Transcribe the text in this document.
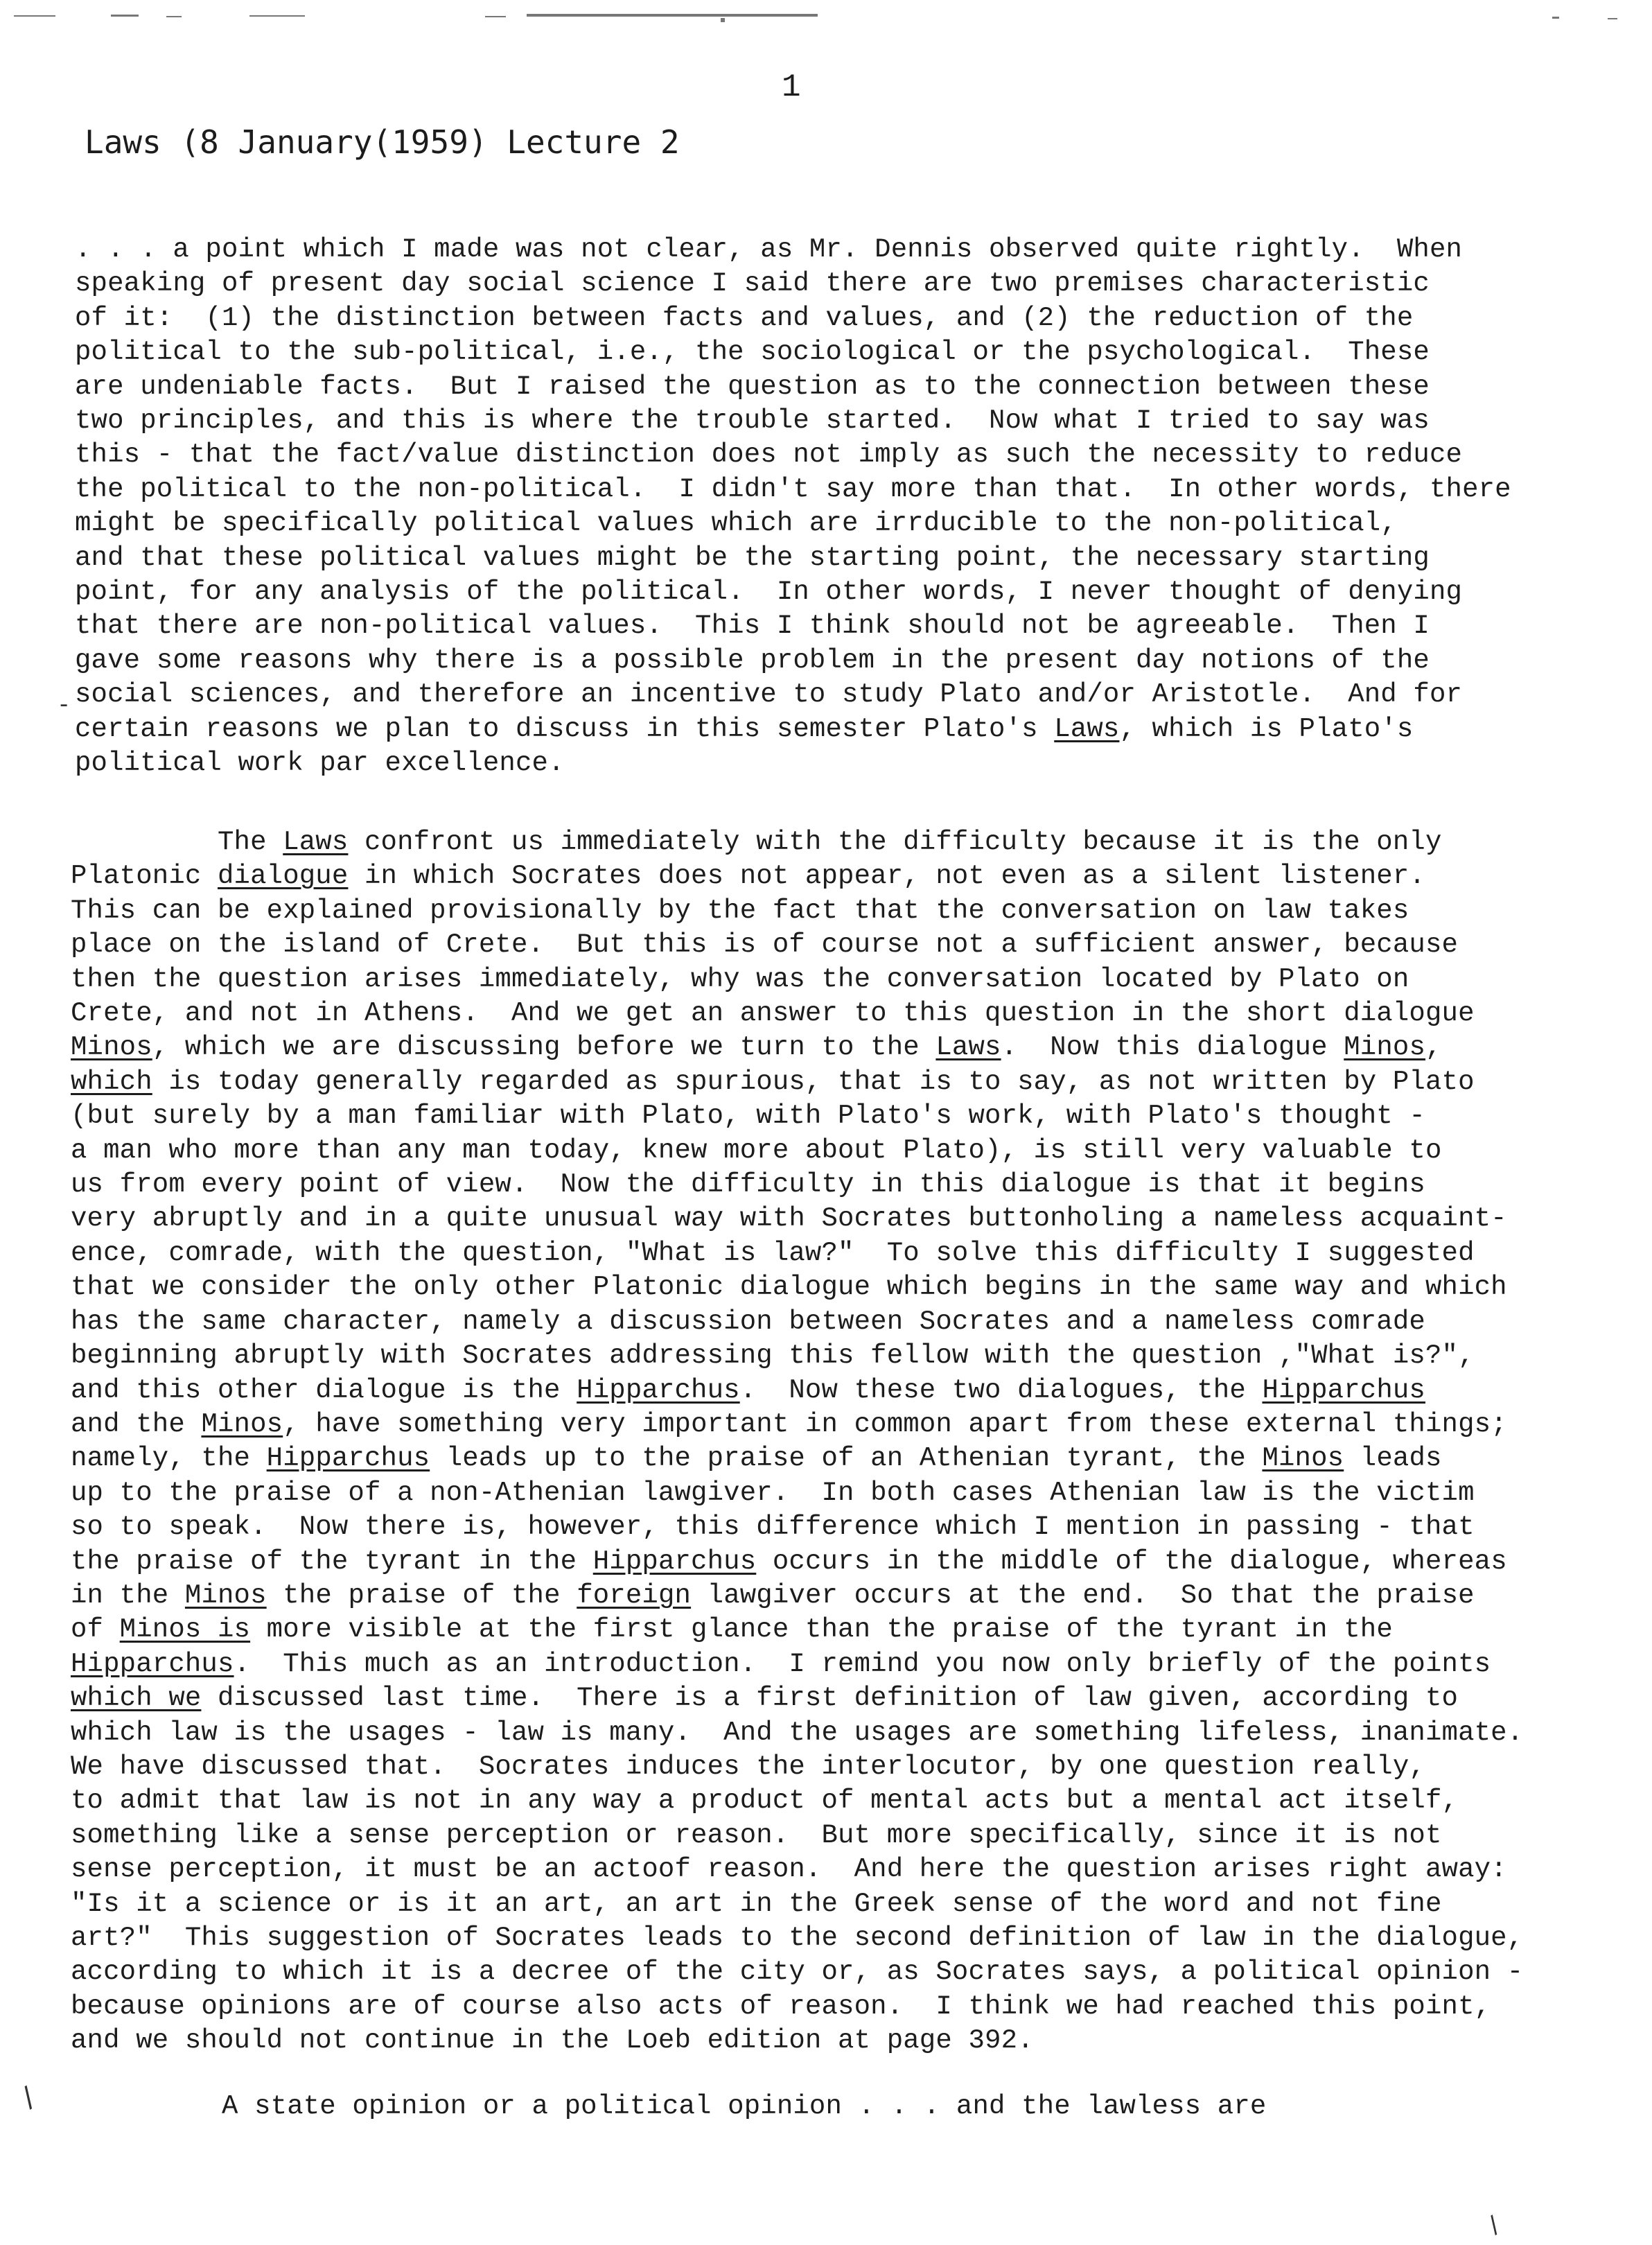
1
Laws (8 January(1959) Lecture 2
. . . a point which I made was not clear, as Mr. Dennis observed quite rightly.  When
speaking of present day social science I said there are two premises characteristic
of it:  (1) the distinction between facts and values, and (2) the reduction of the
political to the sub-political, i.e., the sociological or the psychological.  These
are undeniable facts.  But I raised the question as to the connection between these
two principles, and this is where the trouble started.  Now what I tried to say was
this - that the fact/value distinction does not imply as such the necessity to reduce
the political to the non-political.  I didn't say more than that.  In other words, there
might be specifically political values which are irrducible to the non-political,
and that these political values might be the starting point, the necessary starting
point, for any analysis of the political.  In other words, I never thought of denying
that there are non-political values.  This I think should not be agreeable.  Then I
gave some reasons why there is a possible problem in the present day notions of the
social sciences, and therefore an incentive to study Plato and/or Aristotle.  And for
certain reasons we plan to discuss in this semester Plato's Laws, which is Plato's
political work par excellence.
The Laws confront us immediately with the difficulty because it is the only
Platonic dialogue in which Socrates does not appear, not even as a silent listener.
This can be explained provisionally by the fact that the conversation on law takes
place on the island of Crete.  But this is of course not a sufficient answer, because
then the question arises immediately, why was the conversation located by Plato on
Crete, and not in Athens.  And we get an answer to this question in the short dialogue
Minos, which we are discussing before we turn to the Laws.  Now this dialogue Minos,
which is today generally regarded as spurious, that is to say, as not written by Plato
(but surely by a man familiar with Plato, with Plato's work, with Plato's thought -
a man who more than any man today, knew more about Plato), is still very valuable to
us from every point of view.  Now the difficulty in this dialogue is that it begins
very abruptly and in a quite unusual way with Socrates buttonholing a nameless acquaint-
ence, comrade, with the question, "What is law?"  To solve this difficulty I suggested
that we consider the only other Platonic dialogue which begins in the same way and which
has the same character, namely a discussion between Socrates and a nameless comrade
beginning abruptly with Socrates addressing this fellow with the question ,"What is?",
and this other dialogue is the Hipparchus.  Now these two dialogues, the Hipparchus
and the Minos, have something very important in common apart from these external things;
namely, the Hipparchus leads up to the praise of an Athenian tyrant, the Minos leads
up to the praise of a non-Athenian lawgiver.  In both cases Athenian law is the victim
so to speak.  Now there is, however, this difference which I mention in passing - that
the praise of the tyrant in the Hipparchus occurs in the middle of the dialogue, whereas
in the Minos the praise of the foreign lawgiver occurs at the end.  So that the praise
of Minos is more visible at the first glance than the praise of the tyrant in the
Hipparchus.  This much as an introduction.  I remind you now only briefly of the points
which we discussed last time.  There is a first definition of law given, according to
which law is the usages - law is many.  And the usages are something lifeless, inanimate.
We have discussed that.  Socrates induces the interlocutor, by one question really,
to admit that law is not in any way a product of mental acts but a mental act itself,
something like a sense perception or reason.  But more specifically, since it is not
sense perception, it must be an actoof reason.  And here the question arises right away:
"Is it a science or is it an art, an art in the Greek sense of the word and not fine
art?"  This suggestion of Socrates leads to the second definition of law in the dialogue,
according to which it is a decree of the city or, as Socrates says, a political opinion -
because opinions are of course also acts of reason.  I think we had reached this point,
and we should not continue in the Loeb edition at page 392.
A state opinion or a political opinion . . . and the lawless are
/
-
/
